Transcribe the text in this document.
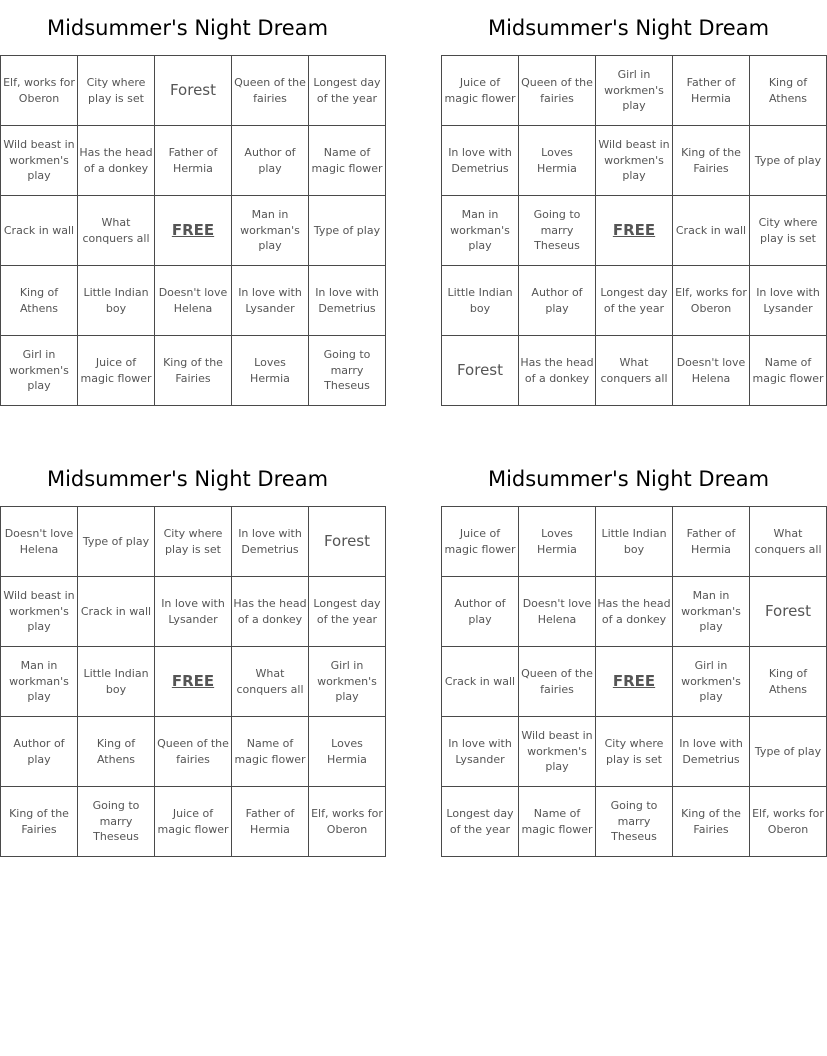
Midsummer's Night Dream
Elf, works for Oberon	City where play is set	Forest	Queen of the fairies	Longest day of the year
Wild beast in workmen's play	Has the head of a donkey	Father of Hermia	Author of play	Name of magic flower
Crack in wall	What conquers all	FREE	Man in workman's play	Type of play
King of Athens	Little Indian boy	Doesn't love Helena	In love with Lysander	In love with Demetrius
Girl in workmen's play	Juice of magic flower	King of the Fairies	Loves Hermia	Going to marry Theseus
Midsummer's Night Dream
Juice of magic flower	Queen of the fairies	Girl in workmen's play	Father of Hermia	King of Athens
In love with Demetrius	Loves Hermia	Wild beast in workmen's play	King of the Fairies	Type of play
Man in workman's play	Going to marry Theseus	FREE	Crack in wall	City where play is set
Little Indian boy	Author of play	Longest day of the year	Elf, works for Oberon	In love with Lysander
Forest	Has the head of a donkey	What conquers all	Doesn't love Helena	Name of magic flower
Midsummer's Night Dream
Doesn't love Helena	Type of play	City where play is set	In love with Demetrius	Forest
Wild beast in workmen's play	Crack in wall	In love with Lysander	Has the head of a donkey	Longest day of the year
Man in workman's play	Little Indian boy	FREE	What conquers all	Girl in workmen's play
Author of play	King of Athens	Queen of the fairies	Name of magic flower	Loves Hermia
King of the Fairies	Going to marry Theseus	Juice of magic flower	Father of Hermia	Elf, works for Oberon
Midsummer's Night Dream
Juice of magic flower	Loves Hermia	Little Indian boy	Father of Hermia	What conquers all
Author of play	Doesn't love Helena	Has the head of a donkey	Man in workman's play	Forest
Crack in wall	Queen of the fairies	FREE	Girl in workmen's play	King of Athens
In love with Lysander	Wild beast in workmen's play	City where play is set	In love with Demetrius	Type of play
Longest day of the year	Name of magic flower	Going to marry Theseus	King of the Fairies	Elf, works for Oberon
